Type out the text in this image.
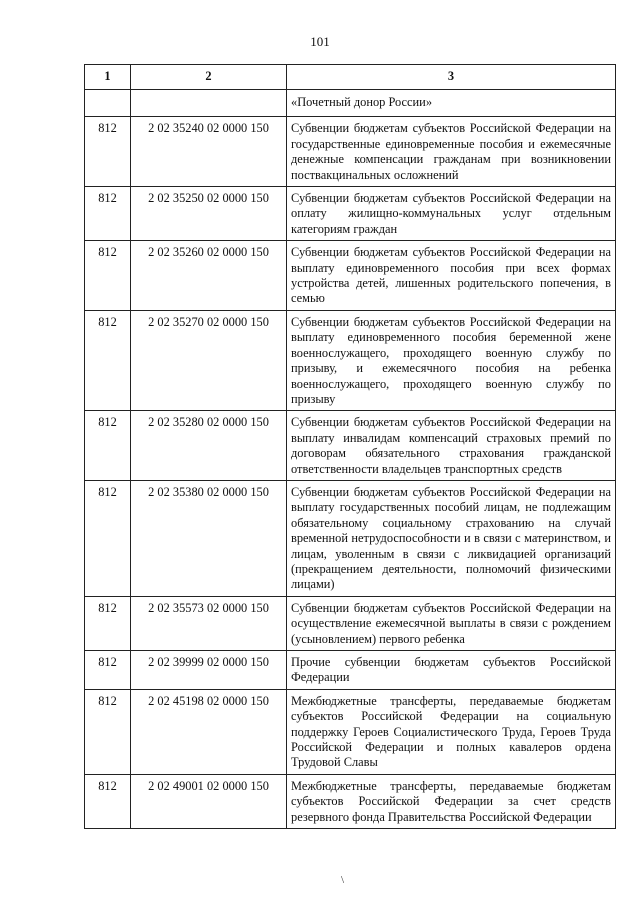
101
1	2	3
		«Почетный донор России»
812	2 02 35240 02 0000 150	Субвенции бюджетам субъектов Российской Федерации на государственные единовременные пособия и ежемесячные денежные компенсации гражданам при возникновении поствакцинальных осложнений
812	2 02 35250 02 0000 150	Субвенции бюджетам субъектов Российской Федерации на оплату жилищно-коммунальных услуг отдельным категориям граждан
812	2 02 35260 02 0000 150	Субвенции бюджетам субъектов Российской Федерации на выплату единовременного пособия при всех формах устройства детей, лишенных родительского попечения, в семью
812	2 02 35270 02 0000 150	Субвенции бюджетам субъектов Российской Федерации на выплату единовременного пособия беременной жене военнослужащего, проходящего военную службу по призыву, и ежемесячного пособия на ребенка военнослужащего, проходящего военную службу по призыву
812	2 02 35280 02 0000 150	Субвенции бюджетам субъектов Российской Федерации на выплату инвалидам компенсаций страховых премий по договорам обязательного страхования гражданской ответственности владельцев транспортных средств
812	2 02 35380 02 0000 150	Субвенции бюджетам субъектов Российской Федерации на выплату государственных пособий лицам, не подлежащим обязательному социальному страхованию на случай временной нетрудоспособности и в связи с материнством, и лицам, уволенным в связи с ликвидацией организаций (прекращением деятельности, полномочий физическими лицами)
812	2 02 35573 02 0000 150	Субвенции бюджетам субъектов Российской Федерации на осуществление ежемесячной выплаты в связи с рождением (усыновлением) первого ребенка
812	2 02 39999 02 0000 150	Прочие субвенции бюджетам субъектов Российской Федерации
812	2 02 45198 02 0000 150	Межбюджетные трансферты, передаваемые бюджетам субъектов Российской Федерации на социальную поддержку Героев Социалистического Труда, Героев Труда Российской Федерации и полных кавалеров ордена Трудовой Славы
812	2 02 49001 02 0000 150	Межбюджетные трансферты, передаваемые бюджетам субъектов Российской Федерации за счет средств резервного фонда Правительства Российской Федерации
\
